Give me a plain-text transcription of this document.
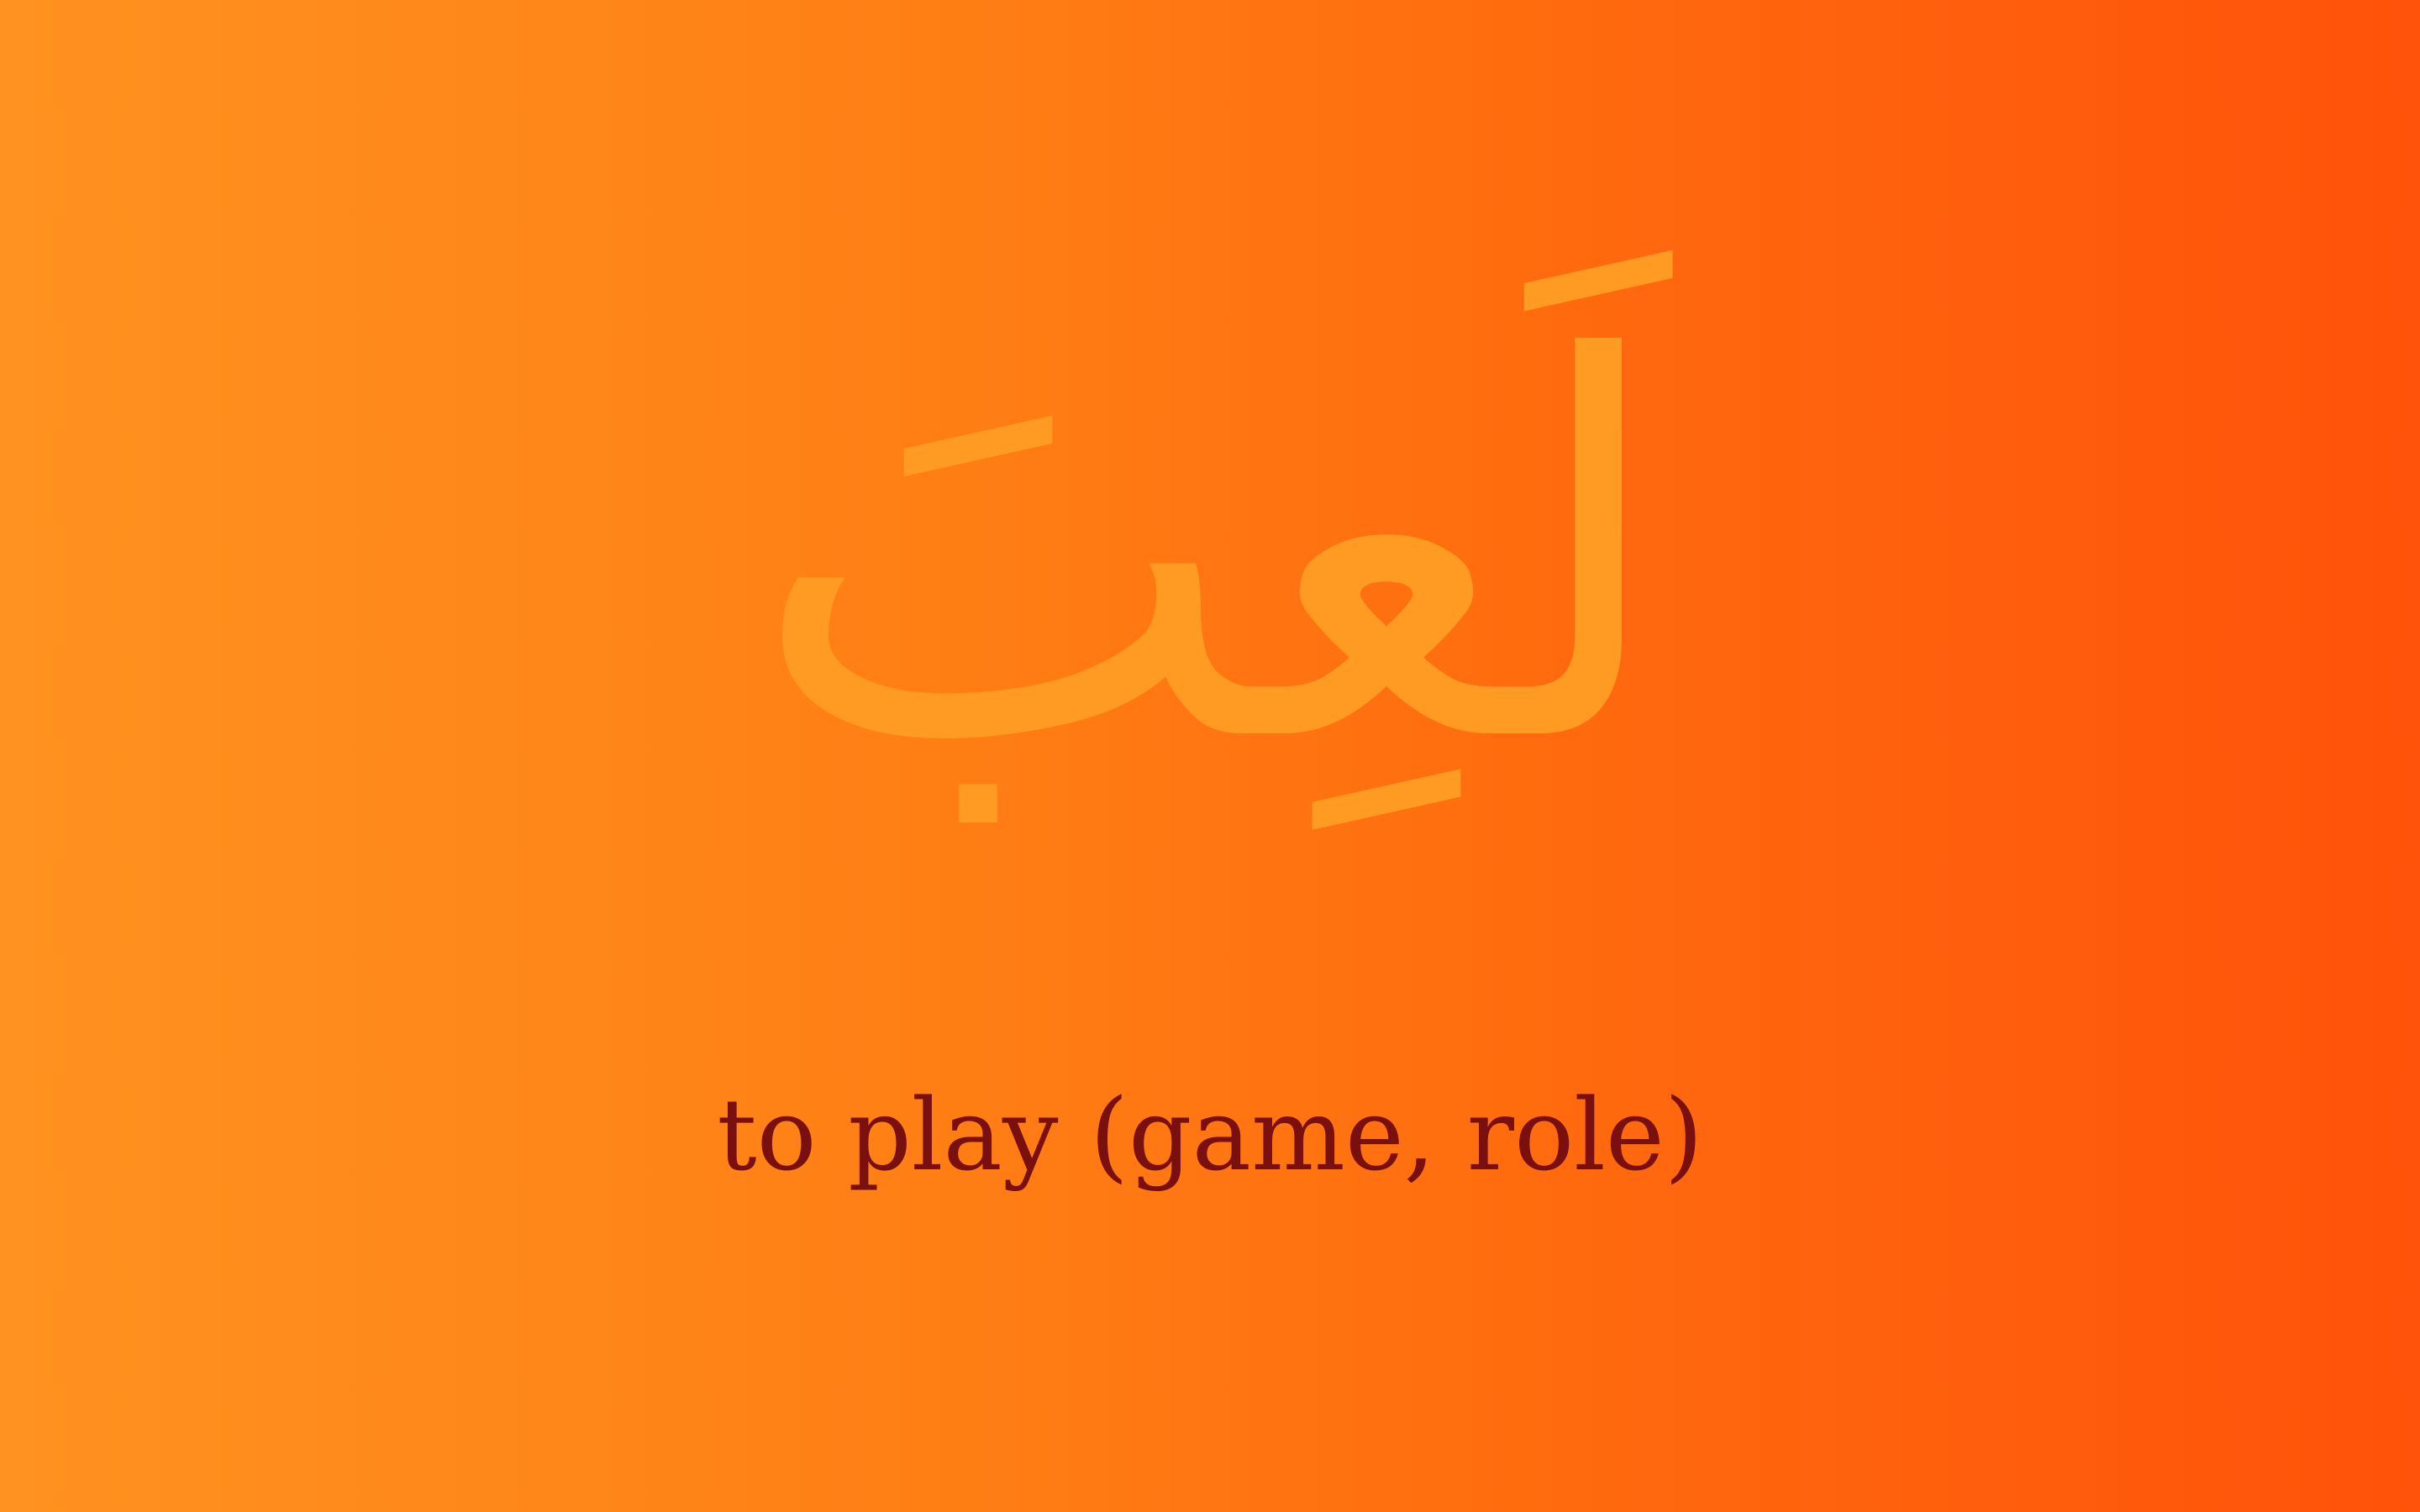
لَعِبَ
to play (game, role)
